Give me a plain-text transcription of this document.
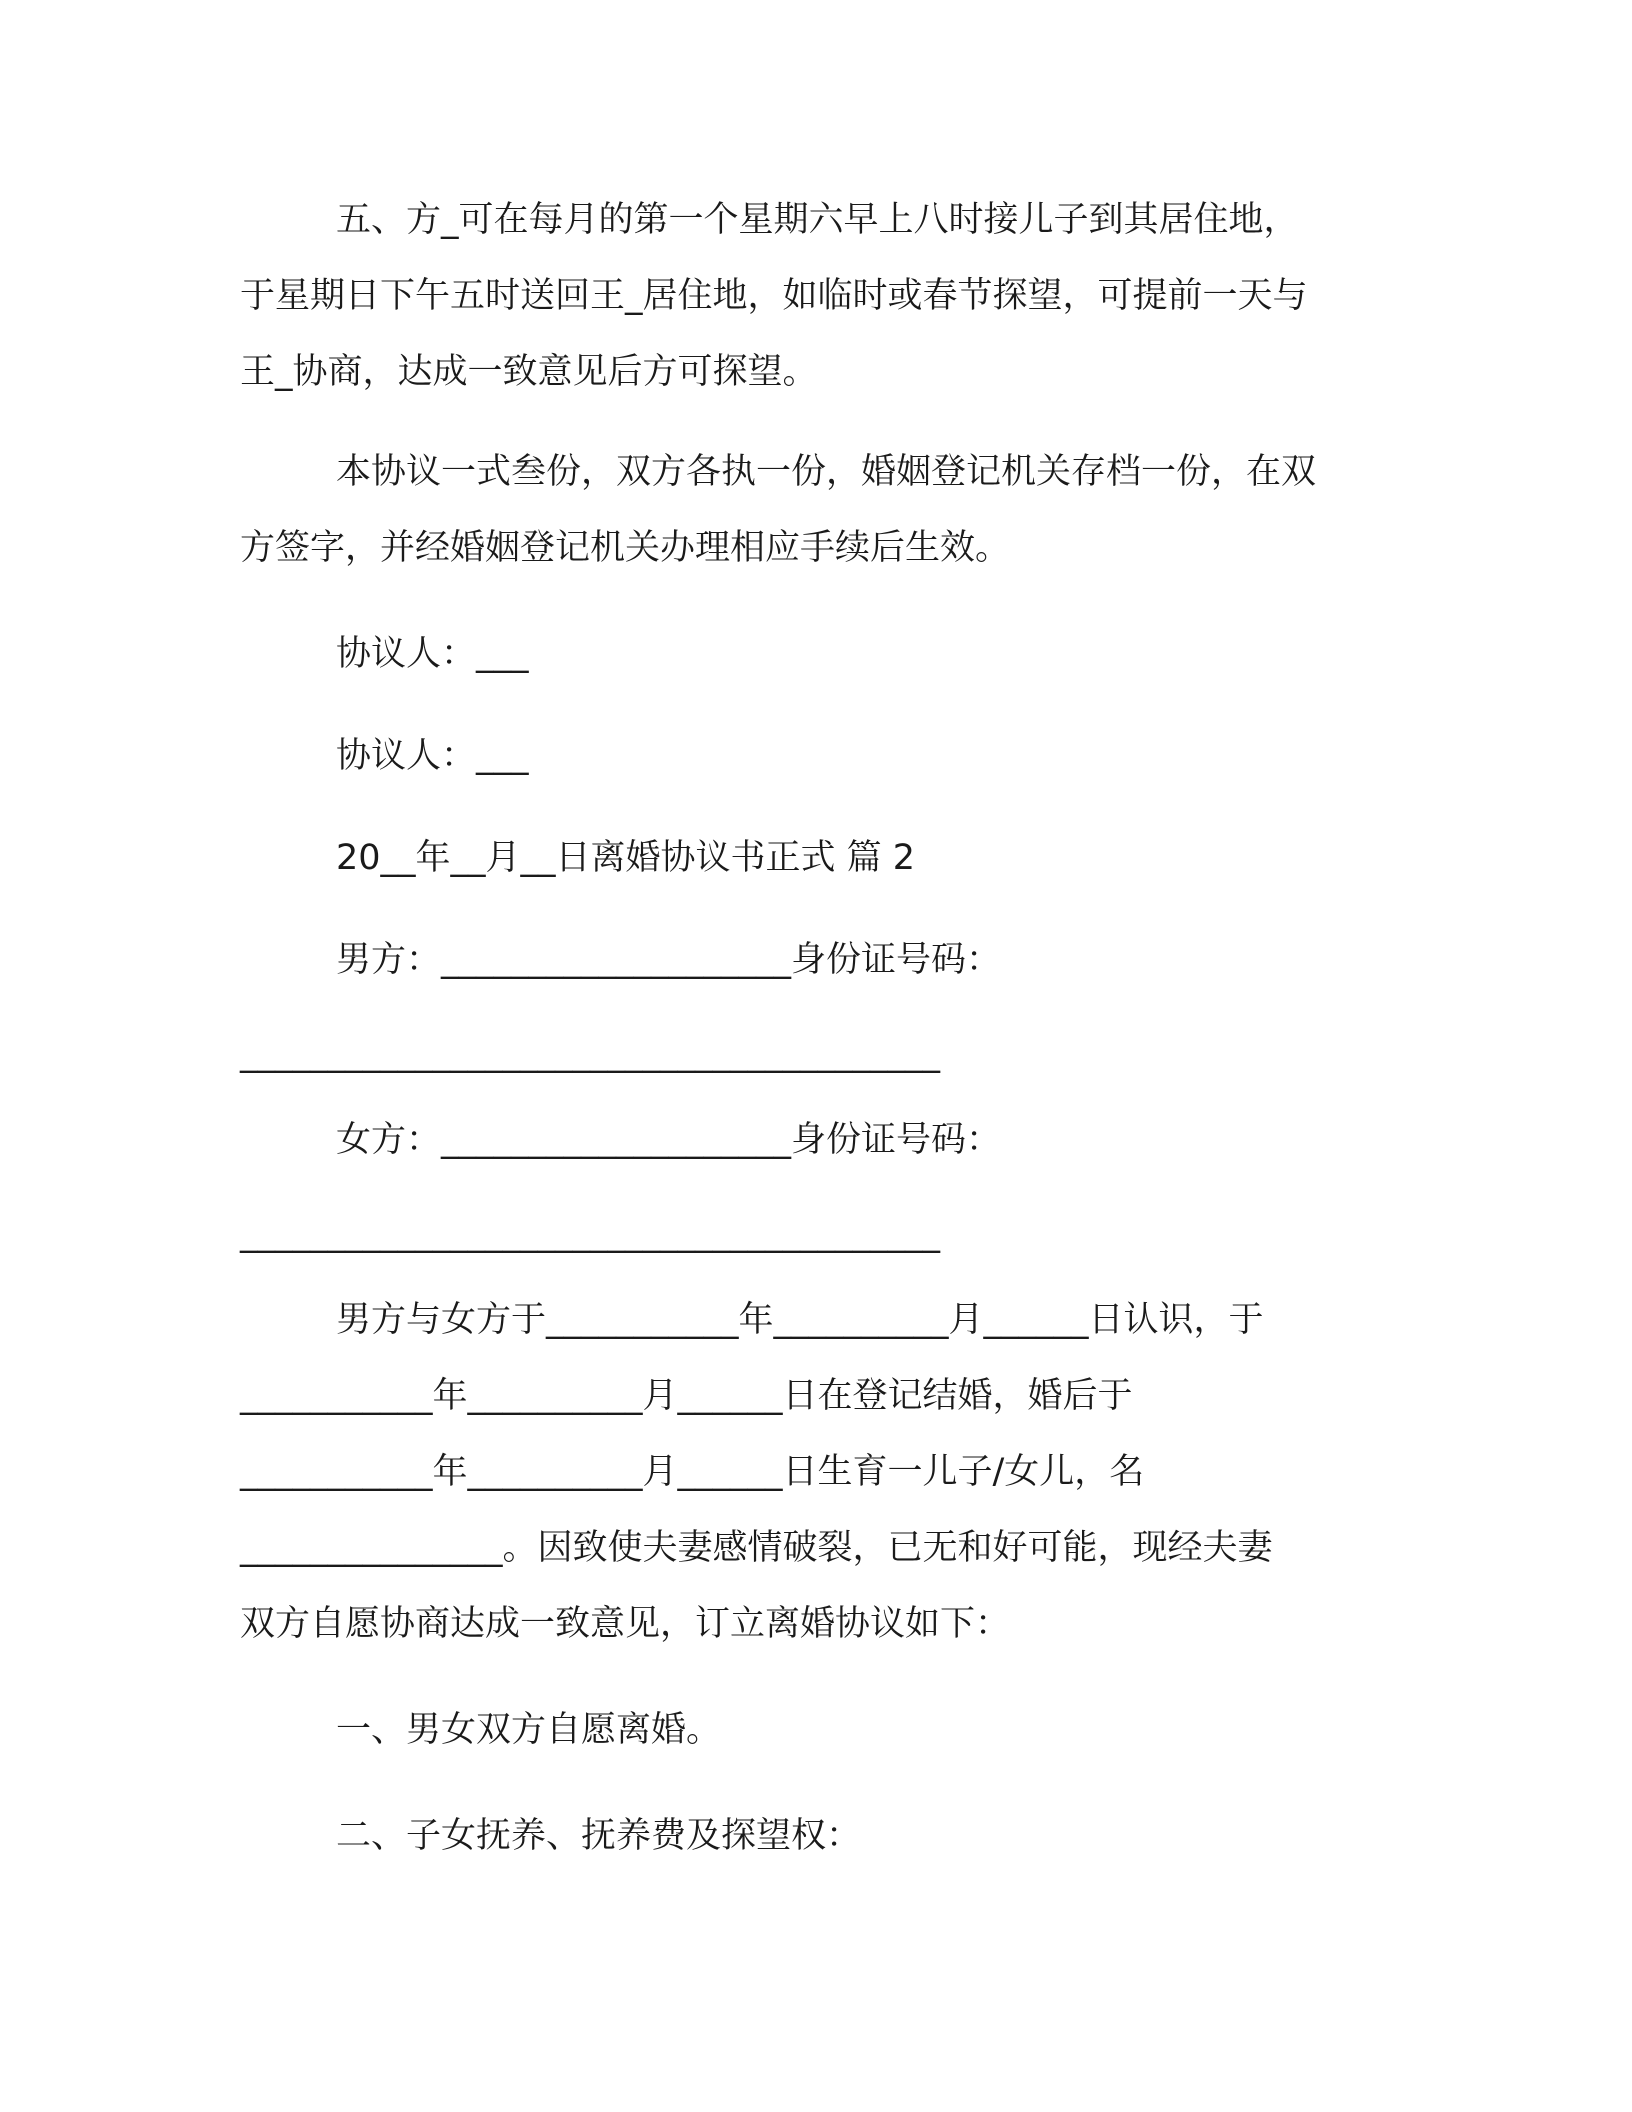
五、方_可在每月的第一个星期六早上八时接儿子到其居住地，
于星期日下午五时送回王_居住地，如临时或春节探望，可提前一天与
王_协商，达成一致意见后方可探望。
本协议一式叁份，双方各执一份，婚姻登记机关存档一份，在双
方签字，并经婚姻登记机关办理相应手续后生效。
协议人：___
协议人：___
20__年__月__日离婚协议书正式 篇 2
男方：____________________身份证号码：
________________________________________
女方：____________________身份证号码：
________________________________________
男方与女方于___________年__________月______日认识，于
___________年__________月______日在登记结婚，婚后于
___________年__________月______日生育一儿子/女儿，名
_______________。因致使夫妻感情破裂，已无和好可能，现经夫妻
双方自愿协商达成一致意见，订立离婚协议如下：
一、男女双方自愿离婚。
二、子女抚养、抚养费及探望权：
